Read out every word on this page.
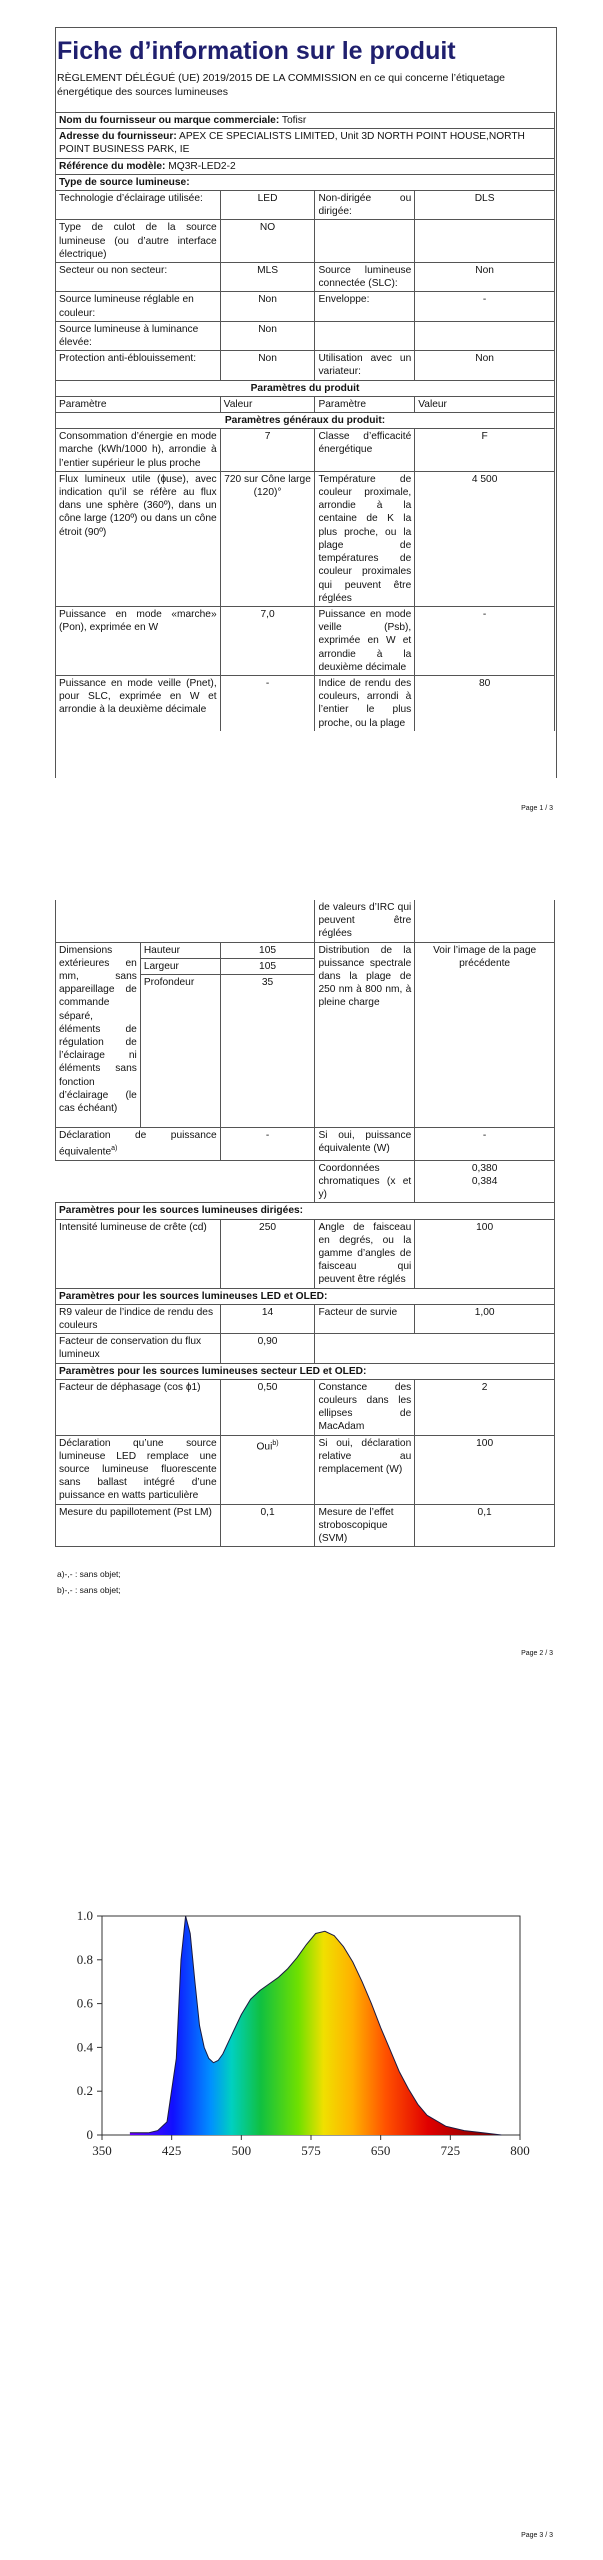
Fiche d’information sur le produit
RÈGLEMENT DÉLÉGUÉ (UE) 2019/2015 DE LA COMMISSION en ce qui concerne l’étiquetage énergétique des sources lumineuses
Nom du fournisseur ou marque commerciale: Tofisr			
Adresse du fournisseur: APEX CE SPECIALISTS LIMITED, Unit 3D NORTH POINT HOUSE,NORTH POINT BUSINESS PARK, IE			
Référence du modèle: MQ3R-LED2-2			
Type de source lumineuse:			
Technologie d’éclairage utilisée:	LED	Non-dirigée ou dirigée:	DLS
Type de culot de la source lumineuse (ou d’autre interface électrique)	NO		
Secteur ou non secteur:	MLS	Source lumineuse connectée (SLC):	Non
Source lumineuse réglable en couleur:	Non	Enveloppe:	-
Source lumineuse à luminance élevée:	Non		
Protection anti-éblouissement:	Non	Utilisation avec un variateur:	Non
Paramètres du produit			
Paramètre	Valeur	Paramètre	Valeur
Paramètres généraux du produit:			
Consommation d’énergie en mode marche (kWh/1000 h), arrondie à l’entier supérieur le plus proche	7	Classe d’efficacité énergétique	F
Flux lumineux utile (ɸuse), avec indication qu’il se réfère au flux dans une sphère (360º), dans un cône large (120º) ou dans un cône étroit (90º)	720 sur Cône large (120)°	Température de couleur proximale, arrondie à la centaine de K la plus proche, ou la plage de températures de couleur proximales qui peuvent être réglées	4 500
Puissance en mode «marche» (Pon), exprimée en W	7,0	Puissance en mode veille (Psb), exprimée en W et arrondie à la deuxième décimale	-
Puissance en mode veille (Pnet), pour SLC, exprimée en W et arrondie à la deuxième décimale	-	Indice de rendu des couleurs, arrondi à l’entier le plus proche, ou la plage	80
Page 1 / 3
			de valeurs d’IRC qui peuvent être réglées	
Dimensions extérieures en mm, sans appareillage de commande séparé, éléments de régulation de l’éclairage ni éléments sans fonction d’éclairage (le cas échéant)	Hauteur	105	Distribution de la puissance spectrale dans la plage de 250 nm à 800 nm, à pleine charge	Voir l’image de la page précédente
	Largeur	105		
	Profondeur	35		
Déclaration de puissance équivalente$^{a)}$		-	Si oui, puissance équivalente (W)	-
			Coordonnées chromatiques (x et y)	0,380
0,384

Paramètres pour les sources lumineuses dirigées:				
Intensité lumineuse de crête (cd)		250	Angle de faisceau en degrés, ou la gamme d’angles de faisceau qui peuvent être réglés	100
Paramètres pour les sources lumineuses LED et OLED:				
R9 valeur de l’indice de rendu des couleurs		14	Facteur de survie	1,00
Facteur de conservation du flux lumineux		0,90		
Paramètres pour les sources lumineuses secteur LED et OLED:				
Facteur de déphasage (cos ɸ1)		0,50	Constance des couleurs dans les ellipses de MacAdam	2
Déclaration qu’une source lumineuse LED remplace une source lumineuse fluorescente sans ballast intégré d’une puissance en watts particulière		Oui$^{b)}$	Si oui, déclaration relative au remplacement (W)	100
Mesure du papillotement (Pst LM)		0,1	Mesure de l’effet stroboscopique (SVM)	0,1
a)-,- : sans objet;
b)-,- : sans objet;
Page 2 / 3
Page 3 / 3
0
0.2
0.4
0.6
0.8
1.0
350	425	500	575	650	725	800
